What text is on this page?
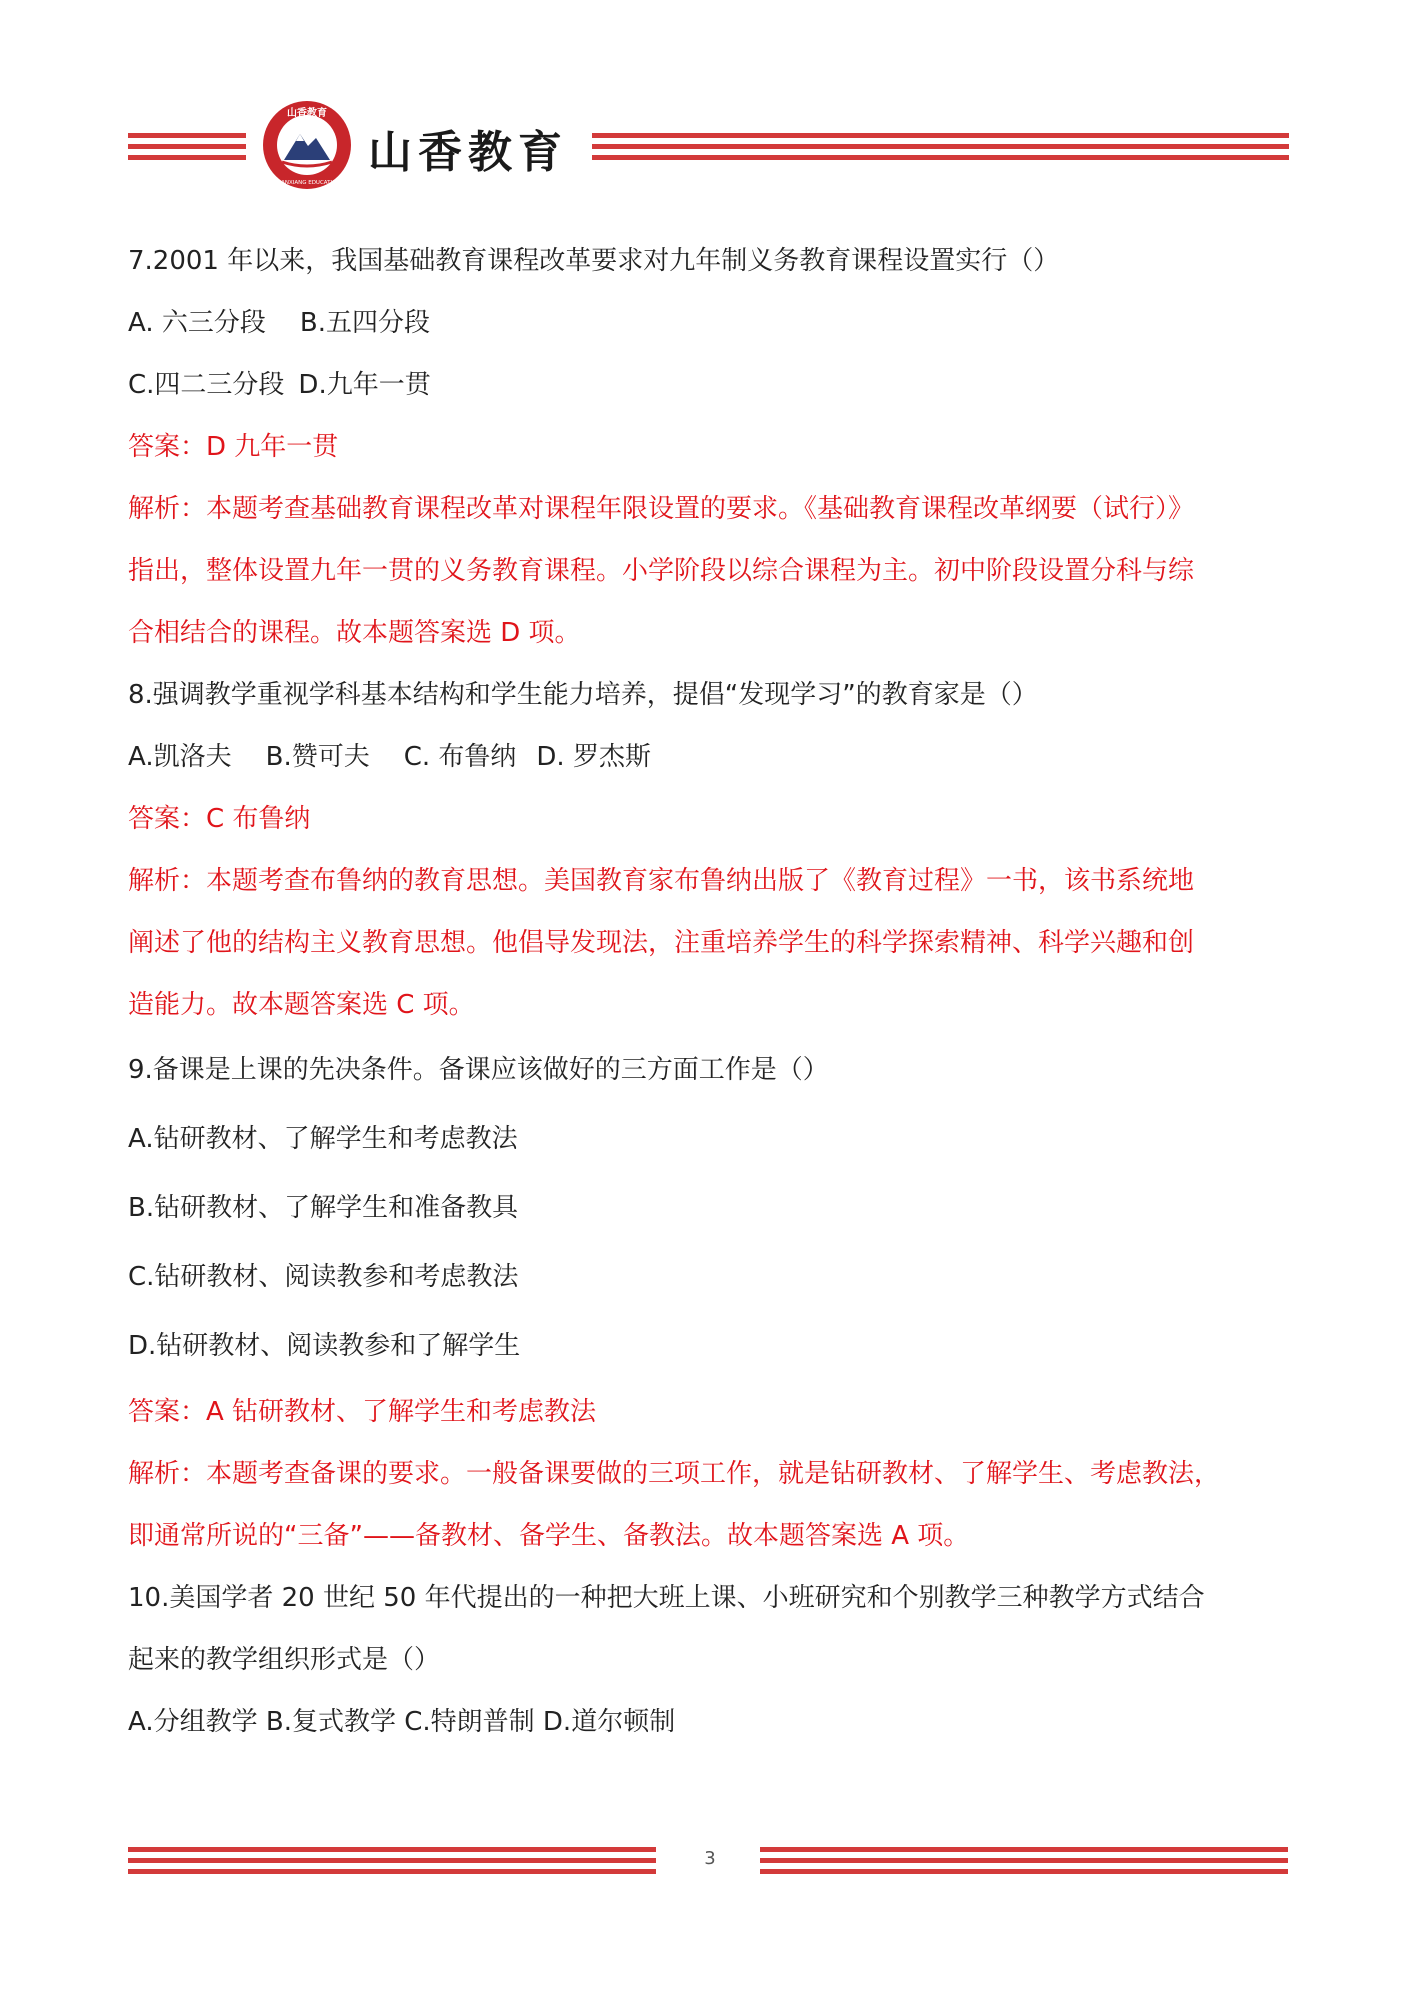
山香教育
SHANXIANG EDUCATION
山香教育
7.2001 年以来，我国基础教育课程改革要求对九年制义务教育课程设置实行（）
A. 六三分段 B.五四分段
C.四二三分段 D.九年一贯
答案：D 九年一贯
解析：本题考查基础教育课程改革对课程年限设置的要求。《基础教育课程改革纲要（试行）》
指出，整体设置九年一贯的义务教育课程。小学阶段以综合课程为主。初中阶段设置分科与综
合相结合的课程。故本题答案选 D 项。
8.强调教学重视学科基本结构和学生能力培养，提倡“发现学习”的教育家是（）
A.凯洛夫 B.赞可夫 C. 布鲁纳 D. 罗杰斯
答案：C 布鲁纳
解析：本题考查布鲁纳的教育思想。美国教育家布鲁纳出版了《教育过程》一书，该书系统地
阐述了他的结构主义教育思想。他倡导发现法，注重培养学生的科学探索精神、科学兴趣和创
造能力。故本题答案选 C 项。
9.备课是上课的先决条件。备课应该做好的三方面工作是（）
A.钻研教材、了解学生和考虑教法
B.钻研教材、了解学生和准备教具
C.钻研教材、阅读教参和考虑教法
D.钻研教材、阅读教参和了解学生
答案：A 钻研教材、了解学生和考虑教法
解析：本题考查备课的要求。一般备课要做的三项工作，就是钻研教材、了解学生、考虑教法，
即通常所说的“三备”——备教材、备学生、备教法。故本题答案选 A 项。
10.美国学者 20 世纪 50 年代提出的一种把大班上课、小班研究和个别教学三种教学方式结合
起来的教学组织形式是（）
A.分组教学 B.复式教学 C.特朗普制 D.道尔顿制
3
